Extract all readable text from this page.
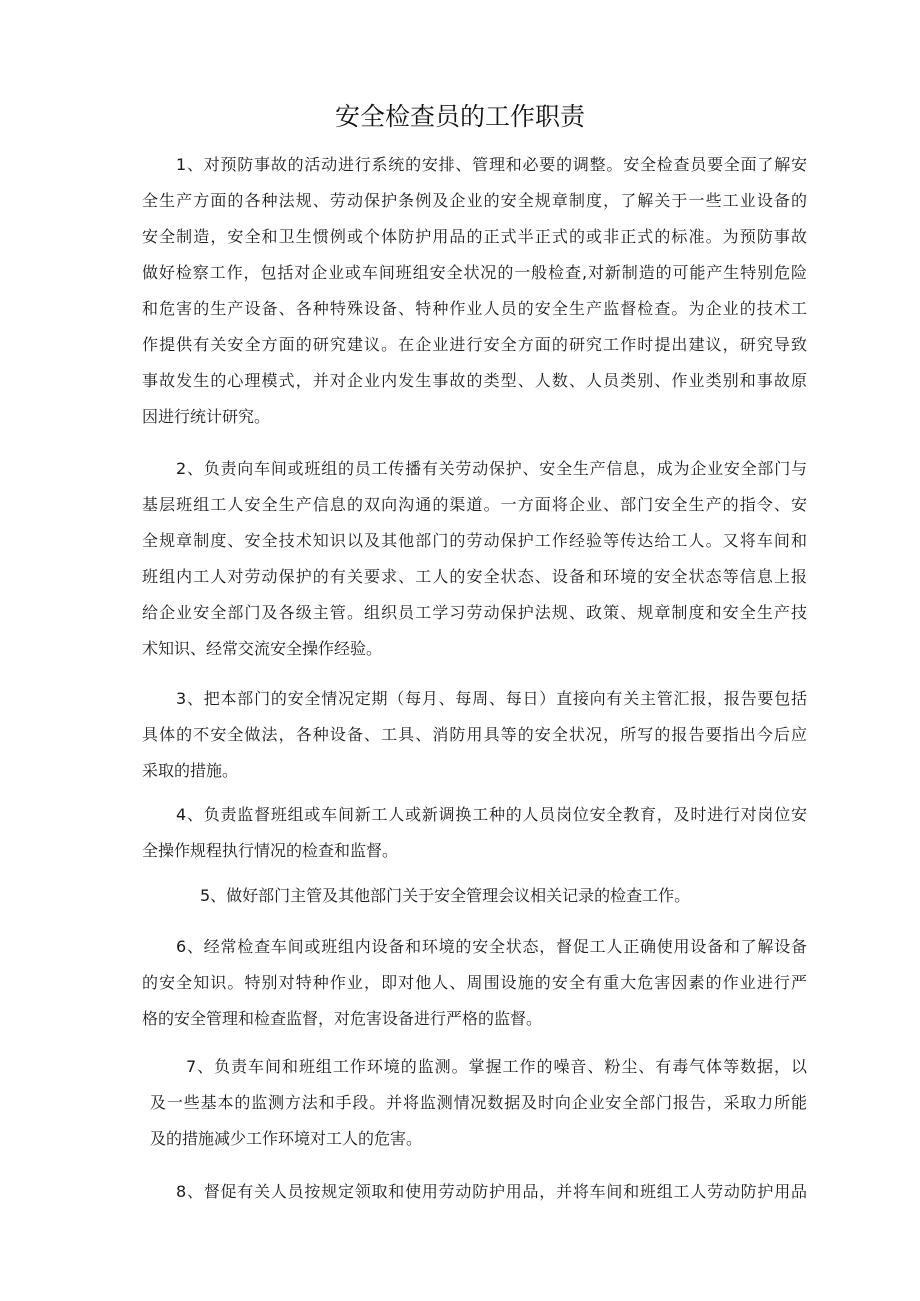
安全检查员的工作职责
1、对预防事故的活动进行系统的安排、管理和必要的调整。安全检查员要全面了解安
全生产方面的各种法规、劳动保护条例及企业的安全规章制度，了解关于一些工业设备的
安全制造，安全和卫生惯例或个体防护用品的正式半正式的或非正式的标准。为预防事故
做好检察工作，包括对企业或车间班组安全状况的一般检查,对新制造的可能产生特别危险
和危害的生产设备、各种特殊设备、特种作业人员的安全生产监督检查。为企业的技术工
作提供有关安全方面的研究建议。在企业进行安全方面的研究工作时提出建议，研究导致
事故发生的心理模式，并对企业内发生事故的类型、人数、人员类别、作业类别和事故原
因进行统计研究。
2、负责向车间或班组的员工传播有关劳动保护、安全生产信息，成为企业安全部门与
基层班组工人安全生产信息的双向沟通的渠道。一方面将企业、部门安全生产的指令、安
全规章制度、安全技术知识以及其他部门的劳动保护工作经验等传达给工人。又将车间和
班组内工人对劳动保护的有关要求、工人的安全状态、设备和环境的安全状态等信息上报
给企业安全部门及各级主管。组织员工学习劳动保护法规、政策、规章制度和安全生产技
术知识、经常交流安全操作经验。
3、把本部门的安全情况定期（每月、每周、每日）直接向有关主管汇报，报告要包括
具体的不安全做法，各种设备、工具、消防用具等的安全状况，所写的报告要指出今后应
采取的措施。
4、负责监督班组或车间新工人或新调换工种的人员岗位安全教育，及时进行对岗位安
全操作规程执行情况的检查和监督。
5、做好部门主管及其他部门关于安全管理会议相关记录的检查工作。
6、经常检查车间或班组内设备和环境的安全状态，督促工人正确使用设备和了解设备
的安全知识。特别对特种作业，即对他人、周围设施的安全有重大危害因素的作业进行严
格的安全管理和检查监督，对危害设备进行严格的监督。
7、负责车间和班组工作环境的监测。掌握工作的噪音、粉尘、有毒气体等数据，以
及一些基本的监测方法和手段。并将监测情况数据及时向企业安全部门报告，采取力所能
及的措施减少工作环境对工人的危害。
8、督促有关人员按规定领取和使用劳动防护用品，并将车间和班组工人劳动防护用品
